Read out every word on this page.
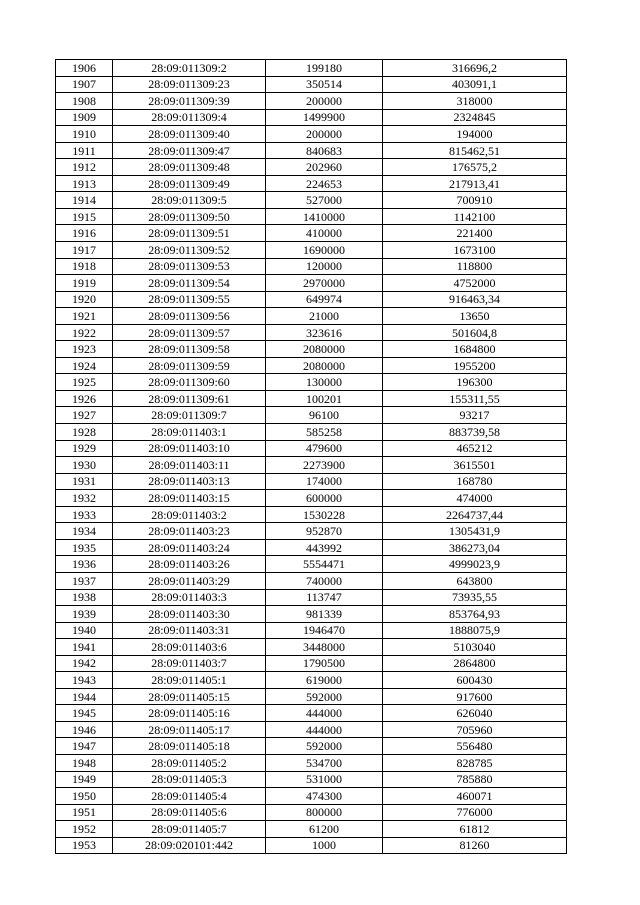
1906	28:09:011309:2	199180	316696,2
1907	28:09:011309:23	350514	403091,1
1908	28:09:011309:39	200000	318000
1909	28:09:011309:4	1499900	2324845
1910	28:09:011309:40	200000	194000
1911	28:09:011309:47	840683	815462,51
1912	28:09:011309:48	202960	176575,2
1913	28:09:011309:49	224653	217913,41
1914	28:09:011309:5	527000	700910
1915	28:09:011309:50	1410000	1142100
1916	28:09:011309:51	410000	221400
1917	28:09:011309:52	1690000	1673100
1918	28:09:011309:53	120000	118800
1919	28:09:011309:54	2970000	4752000
1920	28:09:011309:55	649974	916463,34
1921	28:09:011309:56	21000	13650
1922	28:09:011309:57	323616	501604,8
1923	28:09:011309:58	2080000	1684800
1924	28:09:011309:59	2080000	1955200
1925	28:09:011309:60	130000	196300
1926	28:09:011309:61	100201	155311,55
1927	28:09:011309:7	96100	93217
1928	28:09:011403:1	585258	883739,58
1929	28:09:011403:10	479600	465212
1930	28:09:011403:11	2273900	3615501
1931	28:09:011403:13	174000	168780
1932	28:09:011403:15	600000	474000
1933	28:09:011403:2	1530228	2264737,44
1934	28:09:011403:23	952870	1305431,9
1935	28:09:011403:24	443992	386273,04
1936	28:09:011403:26	5554471	4999023,9
1937	28:09:011403:29	740000	643800
1938	28:09:011403:3	113747	73935,55
1939	28:09:011403:30	981339	853764,93
1940	28:09:011403:31	1946470	1888075,9
1941	28:09:011403:6	3448000	5103040
1942	28:09:011403:7	1790500	2864800
1943	28:09:011405:1	619000	600430
1944	28:09:011405:15	592000	917600
1945	28:09:011405:16	444000	626040
1946	28:09:011405:17	444000	705960
1947	28:09:011405:18	592000	556480
1948	28:09:011405:2	534700	828785
1949	28:09:011405:3	531000	785880
1950	28:09:011405:4	474300	460071
1951	28:09:011405:6	800000	776000
1952	28:09:011405:7	61200	61812
1953	28:09:020101:442	1000	81260
